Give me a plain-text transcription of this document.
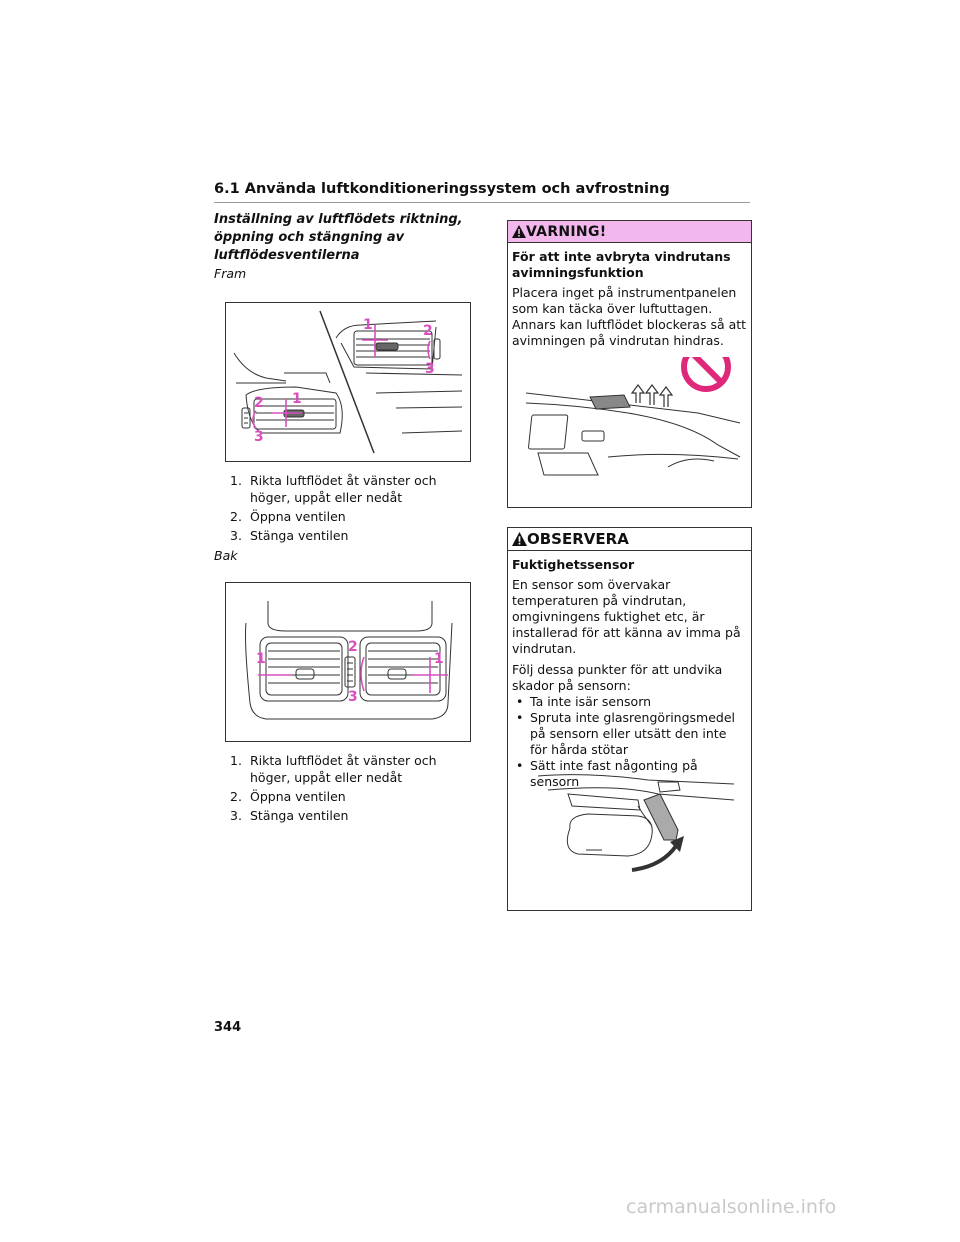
6.1 Använda luftkonditioneringssystem och avfrostning
Inställning av luftflödets riktning, öppning och stängning av luftflödesventilerna
Fram
1	2
3
1
2
3
1. Rikta luftflödet åt vänster och höger, uppåt eller nedåt
2. Öppna ventilen
3. Stänga ventilen
Bak
1	1
2
3
1. Rikta luftflödet åt vänster och höger, uppåt eller nedåt
2. Öppna ventilen
3. Stänga ventilen
VARNING!
För att inte avbryta vindrutans avimningsfunktion

Placera inget på instrumentpanelen som kan täcka över luftuttagen. Annars kan luftflödet blockeras så att avimningen på vindrutan hindras.

OBSERVERA
Fuktighetssensor

En sensor som övervakar temperaturen på vindrutan, omgivningens fuktighet etc, är installerad för att känna av imma på vindrutan.

Följ dessa punkter för att undvika skador på sensorn:

• Ta inte isär sensorn
• Spruta inte glasrengöringsmedel på sensorn eller utsätt den inte för hårda stötar
• Sätt inte fast någonting på sensorn
344
carmanualsonline.info
